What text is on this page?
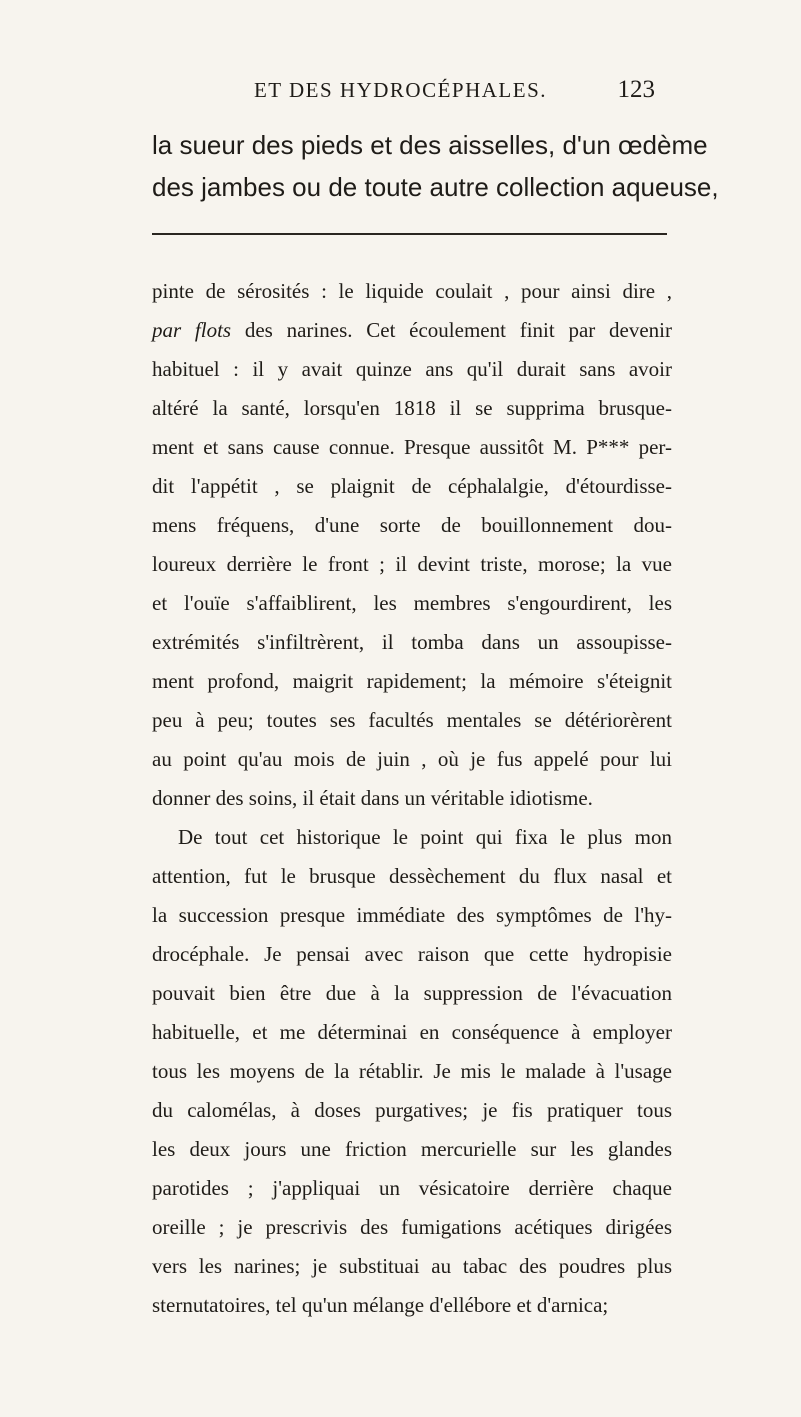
ET DES HYDROCÉPHALES.	123

la sueur des pieds et des aisselles, d'un œdème
des jambes ou de toute autre collection aqueuse,

pinte de sérosités : le liquide coulait , pour ainsi dire ,
par flots des narines. Cet écoulement finit par devenir
habituel : il y avait quinze ans qu'il durait sans avoir
altéré la santé, lorsqu'en 1818 il se supprima brusque-
ment et sans cause connue. Presque aussitôt M. P*** per-
dit l'appétit , se plaignit de céphalalgie, d'étourdisse-
mens fréquens, d'une sorte de bouillonnement dou-
loureux derrière le front ; il devint triste, morose; la vue
et l'ouïe s'affaiblirent, les membres s'engourdirent, les
extrémités s'infiltrèrent, il tomba dans un assoupisse-
ment profond, maigrit rapidement; la mémoire s'éteignit
peu à peu; toutes ses facultés mentales se détériorèrent
au point qu'au mois de juin , où je fus appelé pour lui
donner des soins, il était dans un véritable idiotisme.
De tout cet historique le point qui fixa le plus mon
attention, fut le brusque dessèchement du flux nasal et
la succession presque immédiate des symptômes de l'hy-
drocéphale. Je pensai avec raison que cette hydropisie
pouvait bien être due à la suppression de l'évacuation
habituelle, et me déterminai en conséquence à employer
tous les moyens de la rétablir. Je mis le malade à l'usage
du calomélas, à doses purgatives; je fis pratiquer tous
les deux jours une friction mercurielle sur les glandes
parotides ; j'appliquai un vésicatoire derrière chaque
oreille ; je prescrivis des fumigations acétiques dirigées
vers les narines; je substituai au tabac des poudres plus
sternutatoires, tel qu'un mélange d'ellébore et d'arnica;
